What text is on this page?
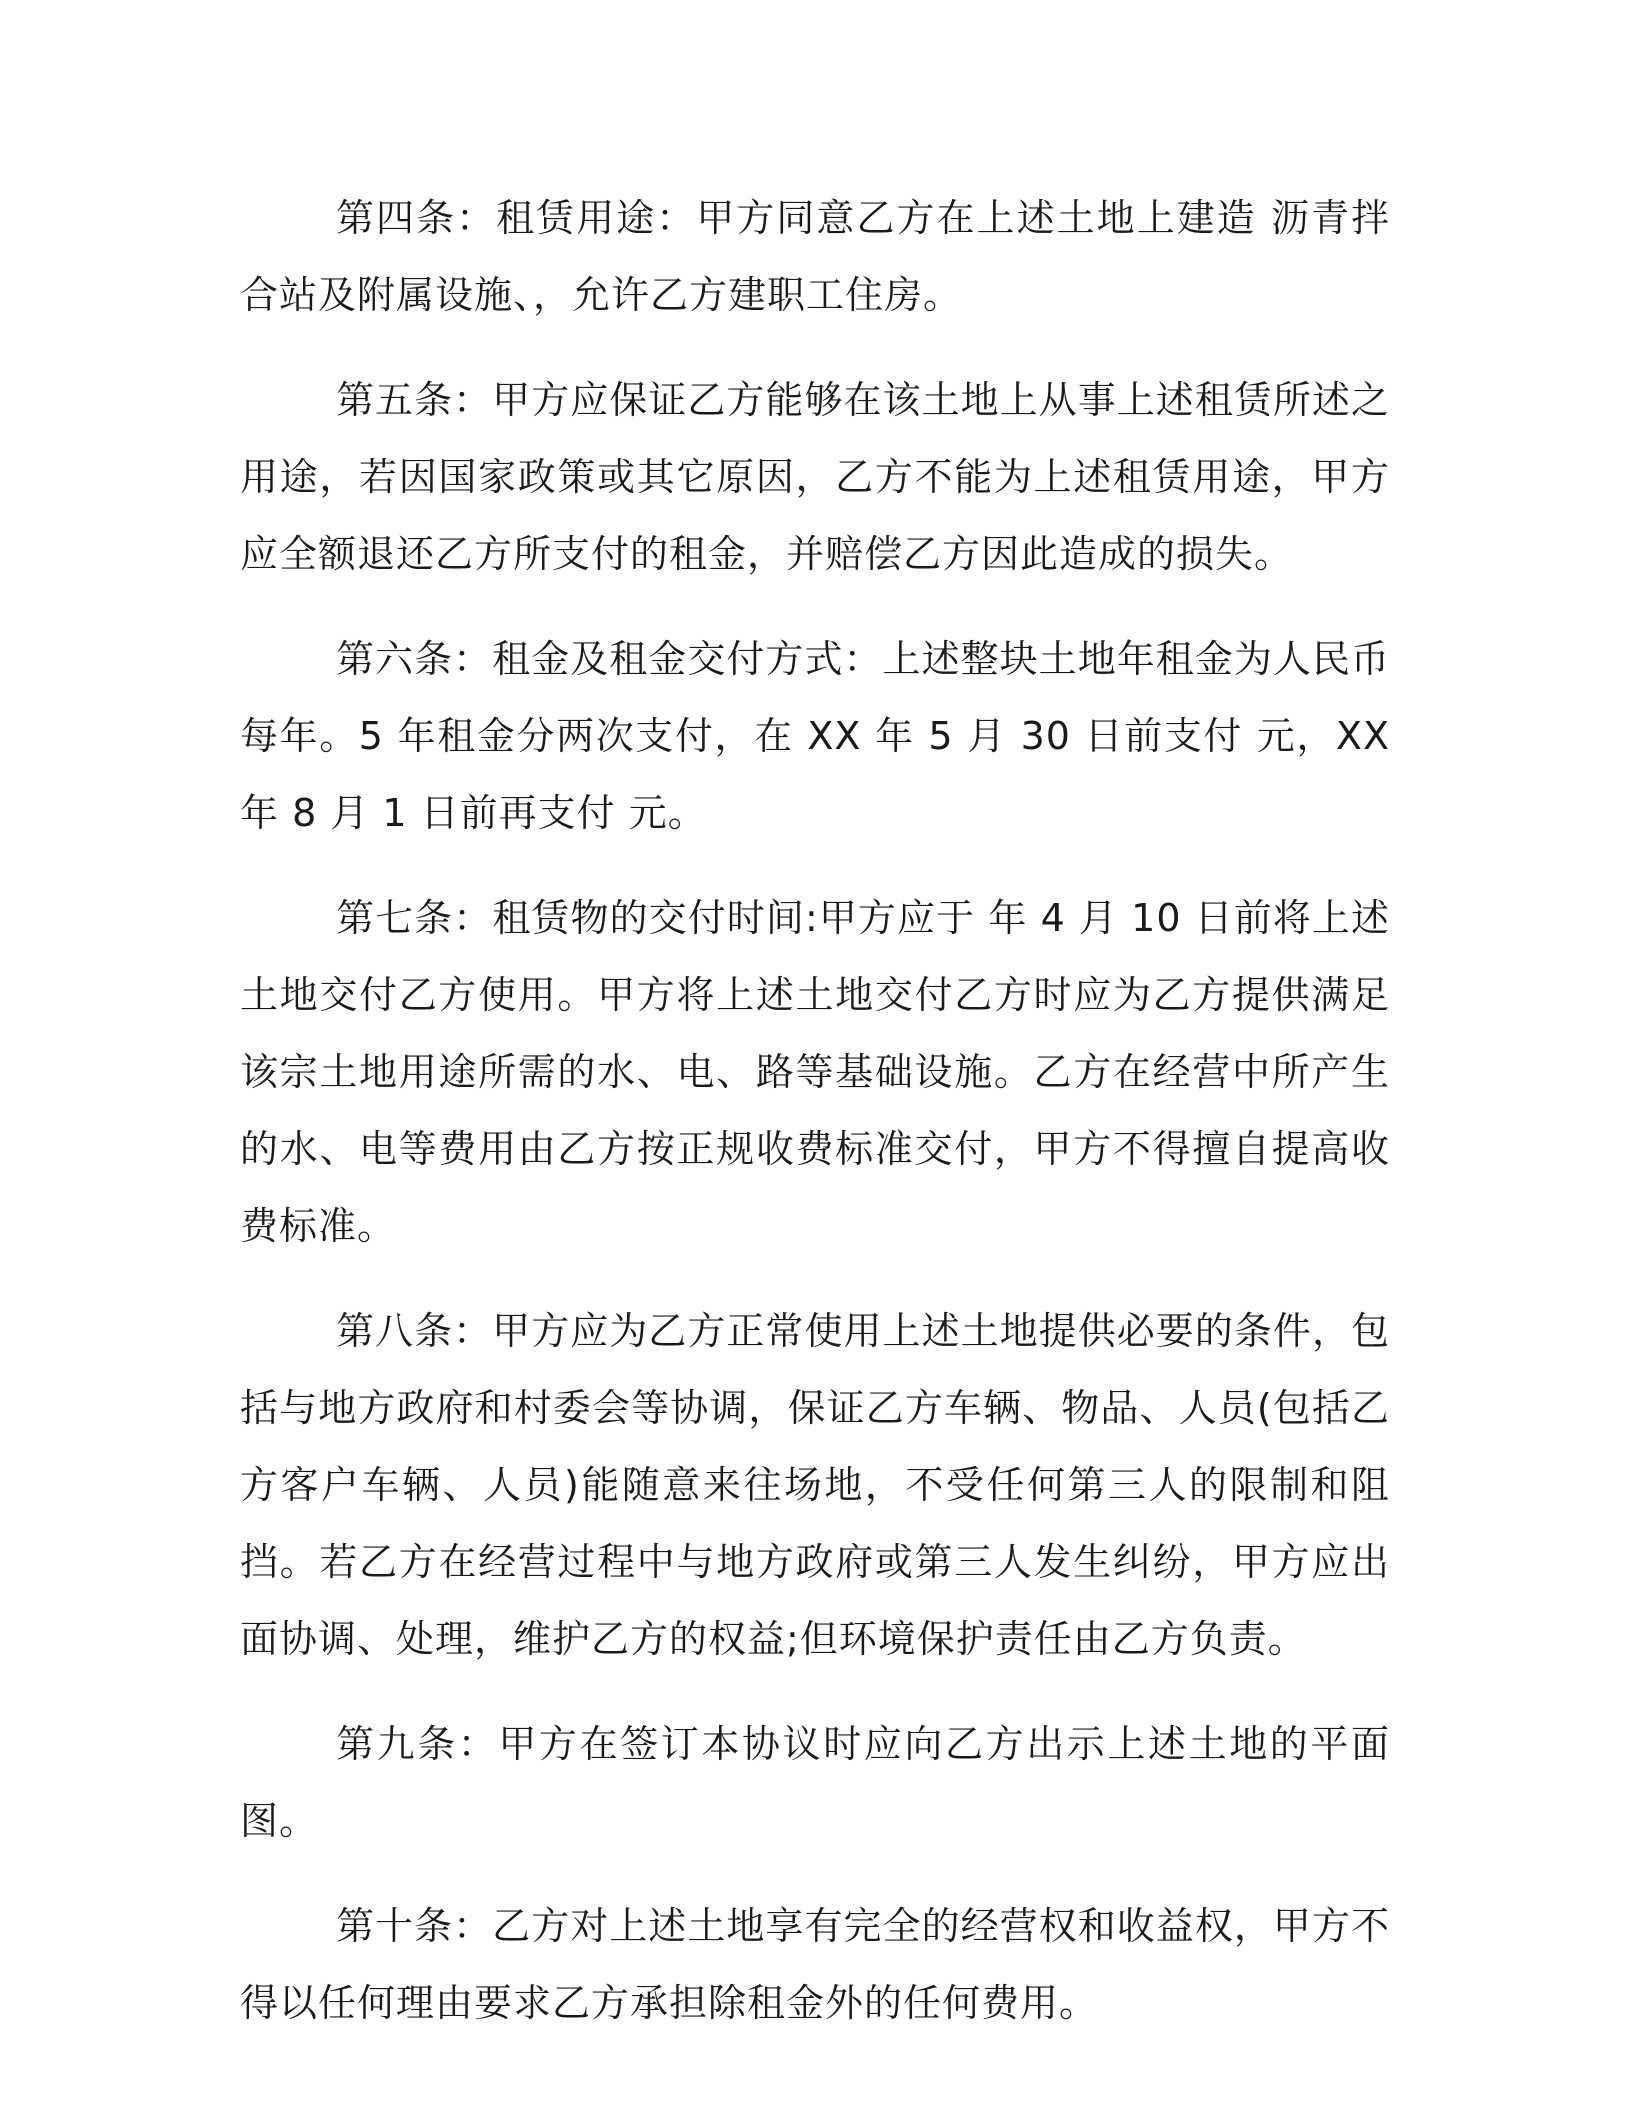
第四条：租赁用途：甲方同意乙方在上述土地上建造 沥青拌合站及附属设施、，允许乙方建职工住房。

第五条：甲方应保证乙方能够在该土地上从事上述租赁所述之用途，若因国家政策或其它原因，乙方不能为上述租赁用途，甲方应全额退还乙方所支付的租金，并赔偿乙方因此造成的损失。

第六条：租金及租金交付方式：上述整块土地年租金为人民币 每年。5 年租金分两次支付，在 XX 年 5 月 30 日前支付 元，XX 年 8 月 1 日前再支付 元。

第七条：租赁物的交付时间:甲方应于 年 4 月 10 日前将上述土地交付乙方使用。甲方将上述土地交付乙方时应为乙方提供满足该宗土地用途所需的水、电、路等基础设施。乙方在经营中所产生的水、电等费用由乙方按正规收费标准交付，甲方不得擅自提高收费标准。

第八条：甲方应为乙方正常使用上述土地提供必要的条件，包括与地方政府和村委会等协调，保证乙方车辆、物品、人员(包括乙方客户车辆、人员)能随意来往场地，不受任何第三人的限制和阻挡。若乙方在经营过程中与地方政府或第三人发生纠纷，甲方应出面协调、处理，维护乙方的权益;但环境保护责任由乙方负责。

第九条：甲方在签订本协议时应向乙方出示上述土地的平面图。

第十条：乙方对上述土地享有完全的经营权和收益权，甲方不得以任何理由要求乙方承担除租金外的任何费用。
